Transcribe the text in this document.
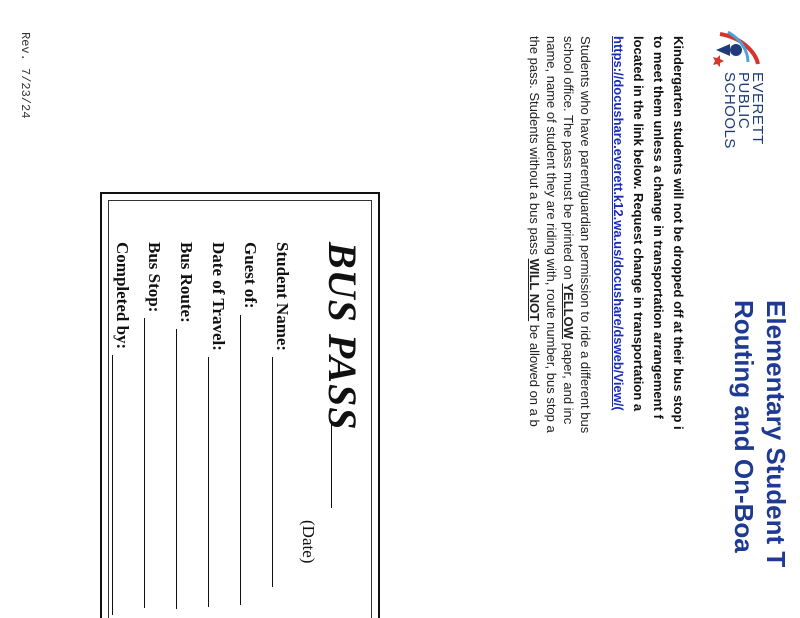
EVERETT
PUBLIC
SCHOOLS
Elementary Student T
Routing and On-Boa
Kindergarten students will not be dropped off at their bus stop i
to meet them unless a change in transportation arrangement f
located in the link below. Request change in transportation a
https://docushare.everett.k12.wa.us/docushare/dsweb/View/(
Students who have parent/guardian permission to ride a different bus
school office. The pass must be printed on YELLOW paper, and inc
name, name of student they are riding with, route number, bus stop a
the pass. Students without a bus pass WILL NOT be allowed on a b
BUS PASS
(Date)
Student Name:
Guest of:
Date of Travel:
Bus Route:
Bus Stop:
Completed by:
Rev. 7/23/24
